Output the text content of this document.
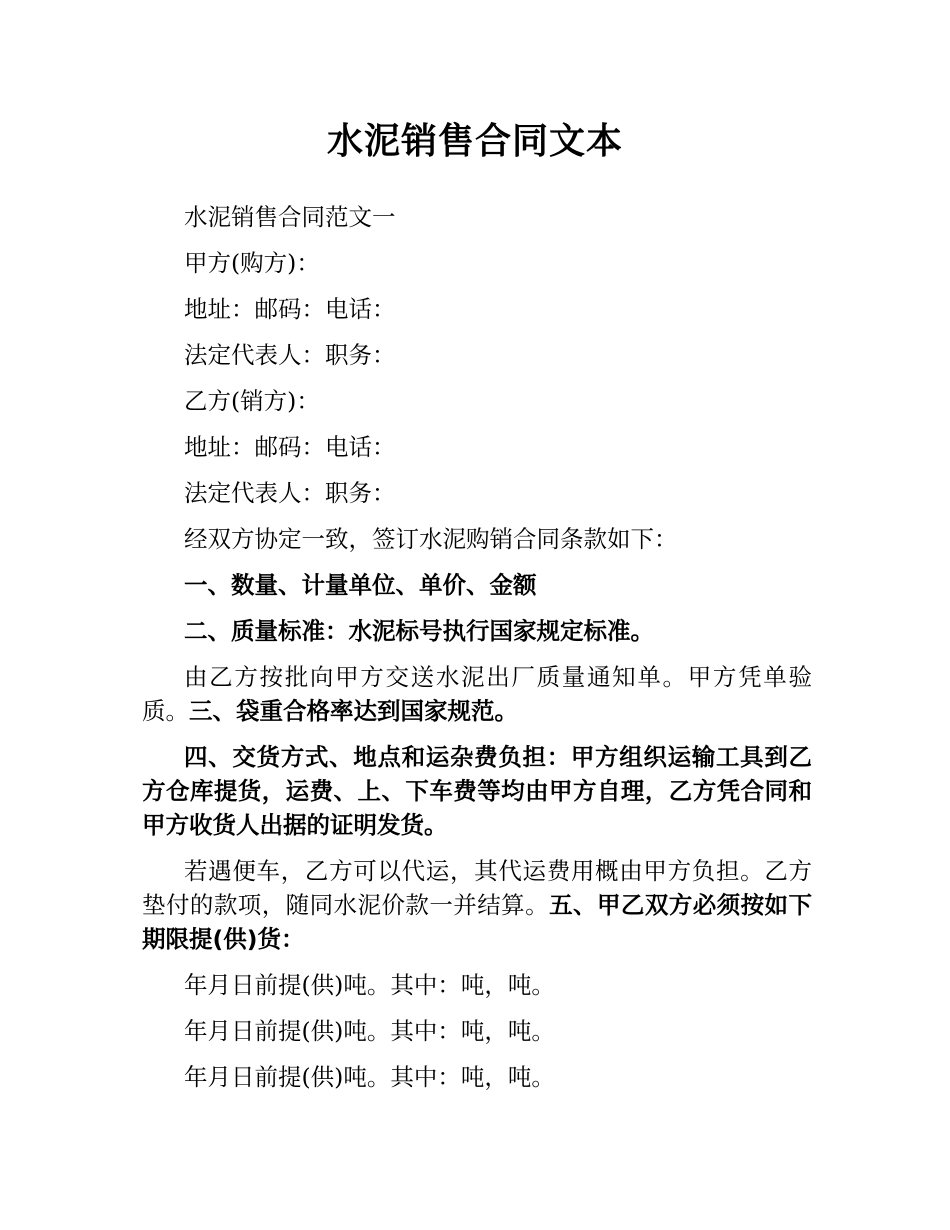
水泥销售合同文本

水泥销售合同范文一

甲方(购方)：

地址：邮码：电话：

法定代表人：职务：

乙方(销方)：

地址：邮码：电话：

法定代表人：职务：

经双方协定一致，签订水泥购销合同条款如下：

一、数量、计量单位、单价、金额

二、质量标准：水泥标号执行国家规定标准。

由乙方按批向甲方交送水泥出厂质量通知单。甲方凭单验质。三、袋重合格率达到国家规范。

四、交货方式、地点和运杂费负担：甲方组织运输工具到乙方仓库提货，运费、上、下车费等均由甲方自理，乙方凭合同和甲方收货人出据的证明发货。

若遇便车，乙方可以代运，其代运费用概由甲方负担。乙方垫付的款项，随同水泥价款一并结算。五、甲乙双方必须按如下期限提(供)货：

年月日前提(供)吨。其中：吨，吨。

年月日前提(供)吨。其中：吨，吨。

年月日前提(供)吨。其中：吨，吨。
